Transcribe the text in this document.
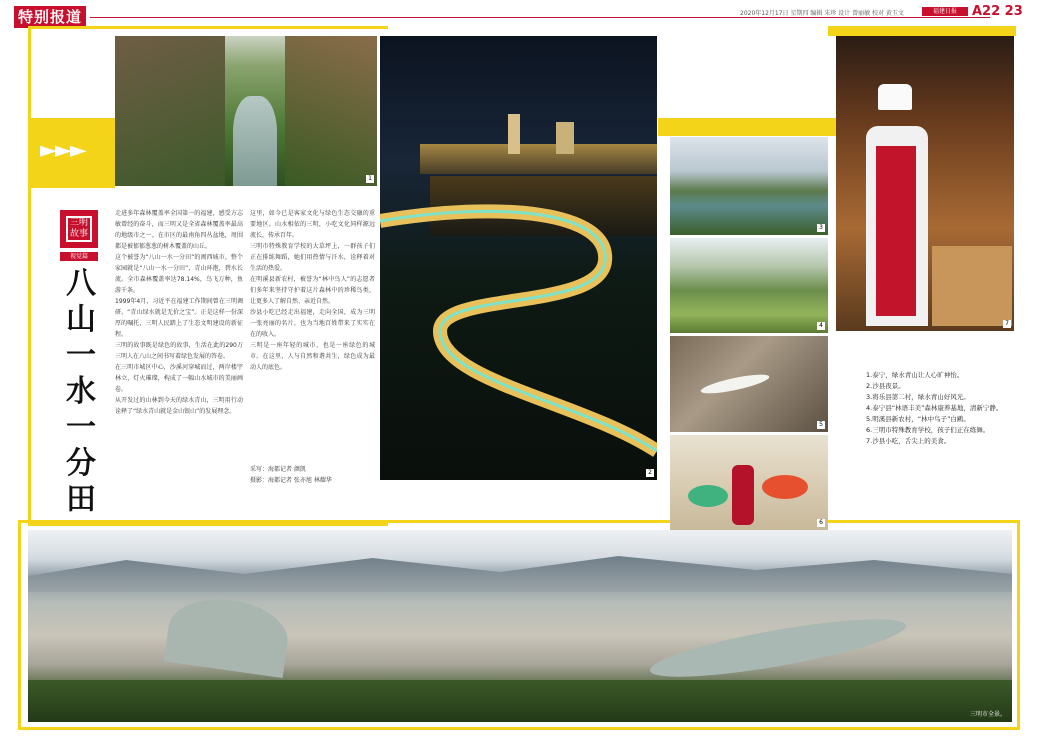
特别报道	2020年12月17日 星期四 编辑 朱珍 设计 曾丽敏 校对 黄玉文	福建日报	A22 23
►►►
1
2
3
4
5
6
7
三明 故事
视觉篇
八山一水一分田
走进多年森林覆盖率全国第一的福建，感受方志敏曾经的奋斗，而三明又是全省森林覆盖率最高的地级市之一。在市区的最南角四丛盆地，周围都是被郁郁葱葱的树木覆盖的山丘。
这个被誉为“八山一水一分田”的闽西城市，整个家园就是“八山一水一分田”，青山环抱，碧水长流。全市森林覆盖率达78.14%，鸟飞万种，鱼游千条。
1999年4月，习近平在福建工作期间曾在三明调研。“青山绿水就是无价之宝”。正是这样一份深厚的嘱托，三明人民踏上了生态文明建设的新征程。
三明的故事既是绿色的故事，生活在此的290万三明人在八山之间书写着绿色发展的答卷。
在三明市城区中心，沙溪河穿城而过，两岸楼宇林立，灯火璀璨，构成了一幅山水城市的美丽画卷。
从开发过的山林到今天的绿水青山，三明用行动诠释了“绿水青山就是金山银山”的发展理念。
这里，如今已是客家文化与绿色生态交融的重要地区。山水相依的三明，小吃文化同样源远流长，传承百年。
三明市特殊教育学校的大草坪上，一群孩子们正在排练舞蹈，她们用热情与汗水，诠释着对生活的热爱。
在明溪县新农村，被誉为“林中鸟人”的志愿者们多年来坚持守护着这片森林中的珍稀鸟类，让更多人了解自然、亲近自然。
沙县小吃已经走出福建，走向全国，成为三明一张亮丽的名片，也为当地百姓带来了实实在在的收入。
三明是一座年轻的城市，也是一座绿色的城市。在这里，人与自然和谐共生，绿色成为最动人的底色。
采写：海都记者 颜凯
摄影：海都记者 张亦旭 林耀华
1.泰宁，绿水青山让人心旷神怡。
2.沙县夜景。
3.将乐县第二村，绿水青山好风光。
4.泰宁县“林语丰美”森林康养基地，清新宁静。
5.明溪县新农村，“林中鸟子”白鹇。
6.三明市特殊教育学校，孩子们正在练舞。
7.沙县小吃，舌尖上的美食。
三明市全景。
